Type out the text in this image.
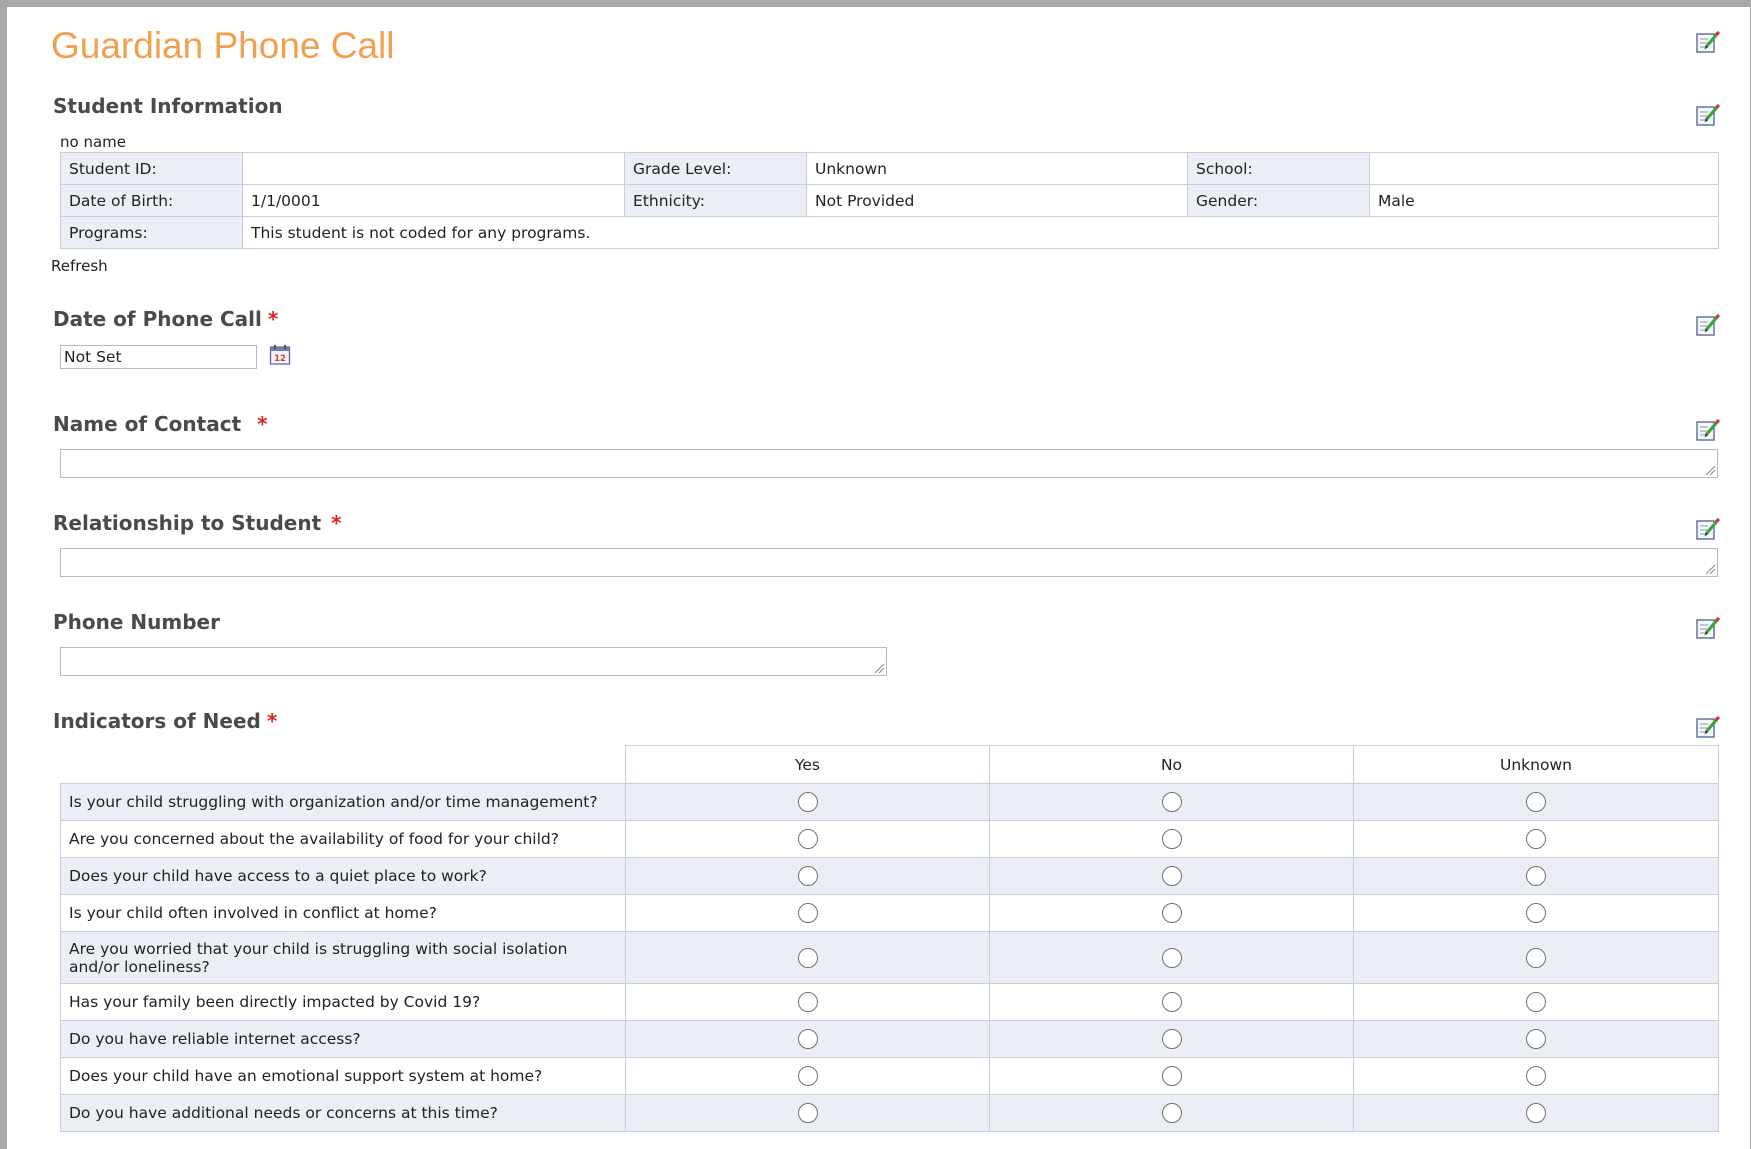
Guardian Phone Call
Student Information
no name
Student ID:		Grade Level:	Unknown	School:	
Date of Birth:	1/1/0001	Ethnicity:	Not Provided	Gender:	Male
Programs:	This student is not coded for any programs.				
Refresh
Date of Phone Call *
Not Set	12
Name of Contact *
Relationship to Student *
Phone Number
Indicators of Need *
	Yes	No	Unknown
Is your child struggling with organization and/or time management?			
Are you concerned about the availability of food for your child?			
Does your child have access to a quiet place to work?			
Is your child often involved in conflict at home?			
Are you worried that your child is struggling with social isolation and/or loneliness?			
Has your family been directly impacted by Covid 19?			
Do you have reliable internet access?			
Does your child have an emotional support system at home?			
Do you have additional needs or concerns at this time?			
